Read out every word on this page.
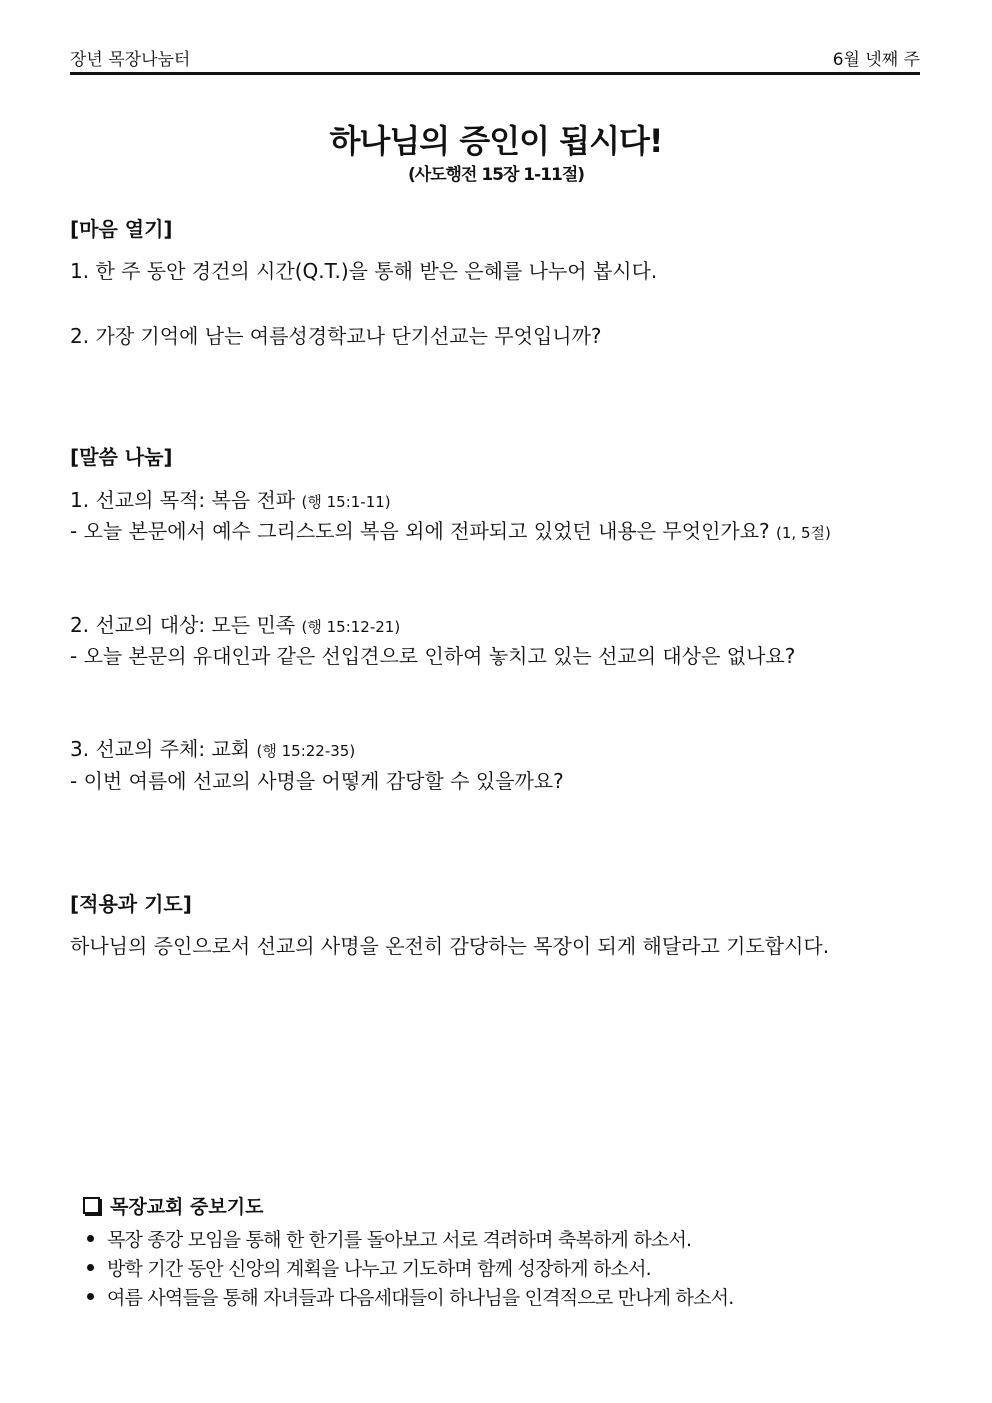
장년 목장나눔터	6월 넷째 주
하나님의 증인이 됩시다!
(사도행전 15장 1-11절)
[마음 열기]
1. 한 주 동안 경건의 시간(Q.T.)을 통해 받은 은혜를 나누어 봅시다.
2. 가장 기억에 남는 여름성경학교나 단기선교는 무엇입니까?
[말씀 나눔]
1. 선교의 목적: 복음 전파 (행 15:1-11)
- 오늘 본문에서 예수 그리스도의 복음 외에 전파되고 있었던 내용은 무엇인가요? (1, 5절)
2. 선교의 대상: 모든 민족 (행 15:12-21)
- 오늘 본문의 유대인과 같은 선입견으로 인하여 놓치고 있는 선교의 대상은 없나요?
3. 선교의 주체: 교회 (행 15:22-35)
- 이번 여름에 선교의 사명을 어떻게 감당할 수 있을까요?
[적용과 기도]
하나님의 증인으로서 선교의 사명을 온전히 감당하는 목장이 되게 해달라고 기도합시다.
목장교회 중보기도
목장 종강 모임을 통해 한 한기를 돌아보고 서로 격려하며 축복하게 하소서.
방학 기간 동안 신앙의 계획을 나누고 기도하며 함께 성장하게 하소서.
여름 사역들을 통해 자녀들과 다음세대들이 하나님을 인격적으로 만나게 하소서.
